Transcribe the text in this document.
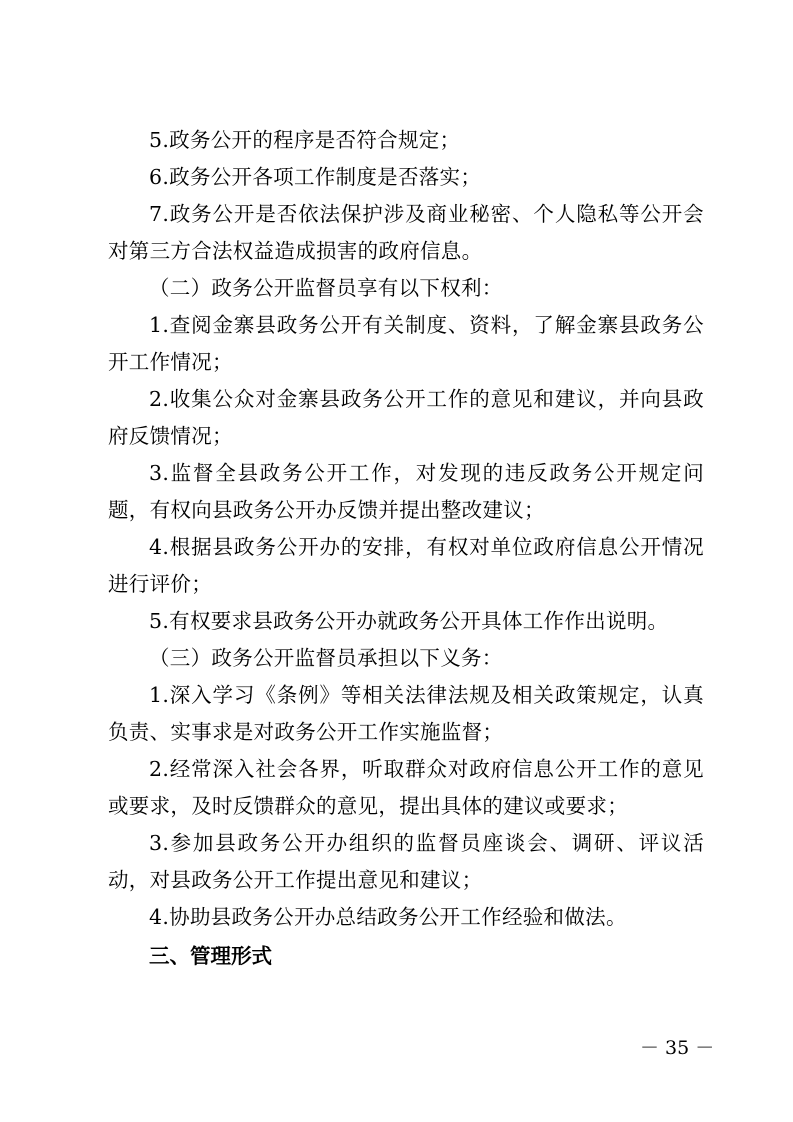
5.政务公开的程序是否符合规定；

6.政务公开各项工作制度是否落实；

7.政务公开是否依法保护涉及商业秘密、个人隐私等公开会对第三方合法权益造成损害的政府信息。

（二）政务公开监督员享有以下权利：

1.查阅金寨县政务公开有关制度、资料，了解金寨县政务公开工作情况；

2.收集公众对金寨县政务公开工作的意见和建议，并向县政府反馈情况；

3.监督全县政务公开工作，对发现的违反政务公开规定问题，有权向县政务公开办反馈并提出整改建议；

4.根据县政务公开办的安排，有权对单位政府信息公开情况进行评价；

5.有权要求县政务公开办就政务公开具体工作作出说明。

（三）政务公开监督员承担以下义务：

1.深入学习《条例》等相关法律法规及相关政策规定，认真负责、实事求是对政务公开工作实施监督；

2.经常深入社会各界，听取群众对政府信息公开工作的意见或要求，及时反馈群众的意见，提出具体的建议或要求；

3.参加县政务公开办组织的监督员座谈会、调研、评议活动，对县政务公开工作提出意见和建议；

4.协助县政务公开办总结政务公开工作经验和做法。

三、管理形式

－ 35 －
